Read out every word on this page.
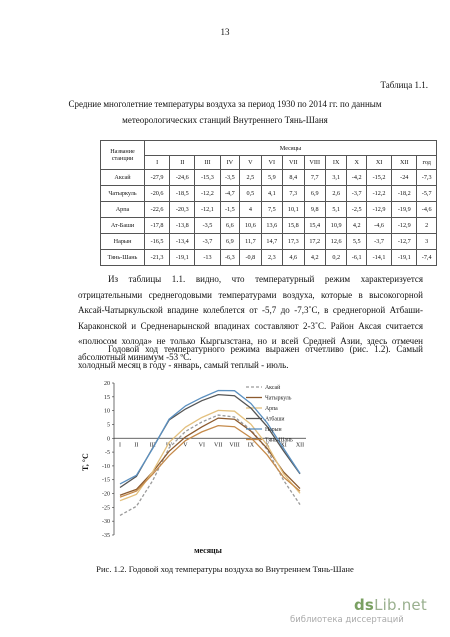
13
Таблица 1.1.
Средние многолетние температуры воздуха за период 1930 по 2014 гг. по данным
метеорологических станций Внутреннего Тянь-Шаня
Название
станции	Месяцы												
	I	II	III	IV	V	VI	VII	VIII	IX	X	XI	XII	год
Аксай	-27,9	-24,6	-15,3	-3,5	2,5	5,9	8,4	7,7	3,1	-4,2	-15,2	-24	-7,3
Чатыркуль	-20,6	-18,5	-12,2	-4,7	0,5	4,1	7,3	6,9	2,6	-3,7	-12,2	-18,2	-5,7
Арпа	-22,6	-20,3	-12,1	-1,5	4	7,5	10,1	9,8	5,1	-2,5	-12,9	-19,9	-4,6
Ат-Баши	-17,8	-13,8	-3,5	6,6	10,6	13,6	15,8	15,4	10,9	4,2	-4,6	-12,9	2
Нарын	-16,5	-13,4	-3,7	6,9	11,7	14,7	17,3	17,2	12,6	5,5	-3,7	-12,7	3
Тянь-Шань	-21,3	-19,1	-13	-6,3	-0,8	2,3	4,6	4,2	0,2	-6,1	-14,1	-19,1	-7,4
Из таблицы 1.1. видно, что температурный режим характеризуется отрицательными среднегодовыми температурами воздуха, которые в высокогорной Аксай-Чатыркульской впадине колеблется от -5,7 до -7,3˚С, в среднегорной Атбаши-Караконской и Средненарынской впадинах составляют 2-3˚С. Район Аксая считается «полюсом холода» не только Кыргызстана, но и всей Средней Азии, здесь отмечен абсолютный минимум -53 ºС.
Годовой ход температурного режима выражен отчетливо (рис. 1.2). Самый холодный месяц в году - январь, самый теплый - июль.
20
15
10
5
0
-5
-10
-15
-20
-25
-30
-35
I II III IV V VI VII VIII IX X XI XII
T, °С
месяцы
Аксай
Чатыркуль
Арпа
Атбаши
Нарын
Тянь-Шань
Рис. 1.2. Годовой ход температуры воздуха во Внутреннем Тянь-Шане
dsLib.net
библиотека диссертаций
